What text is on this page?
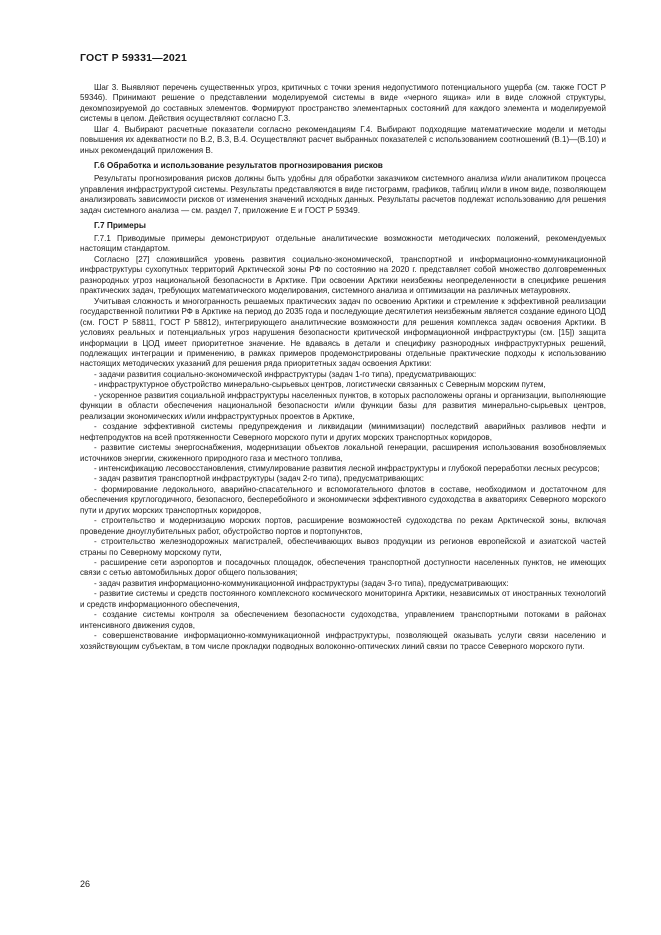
ГОСТ Р 59331—2021

Шаг 3. Выявляют перечень существенных угроз, критичных с точки зрения недопустимого потенциального ущерба (см. также ГОСТ Р 59346). Принимают решение о представлении моделируемой системы в виде «черного ящика» или в виде сложной структуры, декомпозируемой до составных элементов. Формируют пространство элементарных состояний для каждого элемента и моделируемой системы в целом. Действия осуществляют согласно Г.3.

Шаг 4. Выбирают расчетные показатели согласно рекомендациям Г.4. Выбирают подходящие математические модели и методы повышения их адекватности по В.2, В.3, В.4. Осуществляют расчет выбранных показателей с использованием соотношений (В.1)—(В.10) и иных рекомендаций приложения В.

Г.6 Обработка и использование результатов прогнозирования рисков

Результаты прогнозирования рисков должны быть удобны для обработки заказчиком системного анализа и/или аналитиком процесса управления инфраструктурой системы. Результаты представляются в виде гистограмм, графиков, таблиц и/или в ином виде, позволяющем анализировать зависимости рисков от изменения значений исходных данных. Результаты расчетов подлежат использованию для решения задач системного анализа — см. раздел 7, приложение Е и ГОСТ Р 59349.

Г.7 Примеры

Г.7.1 Приводимые примеры демонстрируют отдельные аналитические возможности методических положений, рекомендуемых настоящим стандартом.

Согласно [27] сложившийся уровень развития социально-экономической, транспортной и информационно-коммуникационной инфраструктуры сухопутных территорий Арктической зоны РФ по состоянию на 2020 г. представляет собой множество долговременных разнородных угроз национальной безопасности в Арктике. При освоении Арктики неизбежны неопределенности в специфике решения практических задач, требующих математического моделирования, системного анализа и оптимизации на различных метауровнях.

Учитывая сложность и многогранность решаемых практических задач по освоению Арктики и стремление к эффективной реализации государственной политики РФ в Арктике на период до 2035 года и последующие десятилетия неизбежным является создание единого ЦОД (см. ГОСТ Р 58811, ГОСТ Р 58812), интегрирующего аналитические возможности для решения комплекса задач освоения Арктики. В условиях реальных и потенциальных угроз нарушения безопасности критической информационной инфраструктуры (см. [15]) защита информации в ЦОД имеет приоритетное значение. Не вдаваясь в детали и специфику разнородных инфраструктурных решений, подлежащих интеграции и применению, в рамках примеров продемонстрированы отдельные практические подходы к использованию настоящих методических указаний для решения ряда приоритетных задач освоения Арктики:

- задачи развития социально-экономической инфраструктуры (задач 1-го типа), предусматривающих:

- инфраструктурное обустройство минерально-сырьевых центров, логистически связанных с Северным морским путем,

- ускоренное развития социальной инфраструктуры населенных пунктов, в которых расположены органы и организации, выполняющие функции в области обеспечения национальной безопасности и/или функции базы для развития минерально-сырьевых центров, реализации экономических и/или инфраструктурных проектов в Арктике,

- создание эффективной системы предупреждения и ликвидации (минимизации) последствий аварийных разливов нефти и нефтепродуктов на всей протяженности Северного морского пути и других морских транспортных коридоров,

- развитие системы энергоснабжения, модернизации объектов локальной генерации, расширения использования возобновляемых источников энергии, сжиженного природного газа и местного топлива,

- интенсификацию лесовосстановления, стимулирование развития лесной инфраструктуры и глубокой переработки лесных ресурсов;

- задач развития транспортной инфраструктуры (задач 2-го типа), предусматривающих:

- формирование ледокольного, аварийно-спасательного и вспомогательного флотов в составе, необходимом и достаточном для обеспечения круглогодичного, безопасного, бесперебойного и экономически эффективного судоходства в акваториях Северного морского пути и других морских транспортных коридоров,

- строительство и модернизацию морских портов, расширение возможностей судоходства по рекам Арктической зоны, включая проведение дноуглубительных работ, обустройство портов и портопунктов,

- строительство железнодорожных магистралей, обеспечивающих вывоз продукции из регионов европейской и азиатской частей страны по Северному морскому пути,

- расширение сети аэропортов и посадочных площадок, обеспечения транспортной доступности населенных пунктов, не имеющих связи с сетью автомобильных дорог общего пользования;

- задач развития информационно-коммуникационной инфраструктуры (задач 3-го типа), предусматривающих:

- развитие системы и средств постоянного комплексного космического мониторинга Арктики, независимых от иностранных технологий и средств информационного обеспечения,

- создание системы контроля за обеспечением безопасности судоходства, управлением транспортными потоками в районах интенсивного движения судов,

- совершенствование информационно-коммуникационной инфраструктуры, позволяющей оказывать услуги связи населению и хозяйствующим субъектам, в том числе прокладки подводных волоконно-оптических линий связи по трассе Северного морского пути.

26
